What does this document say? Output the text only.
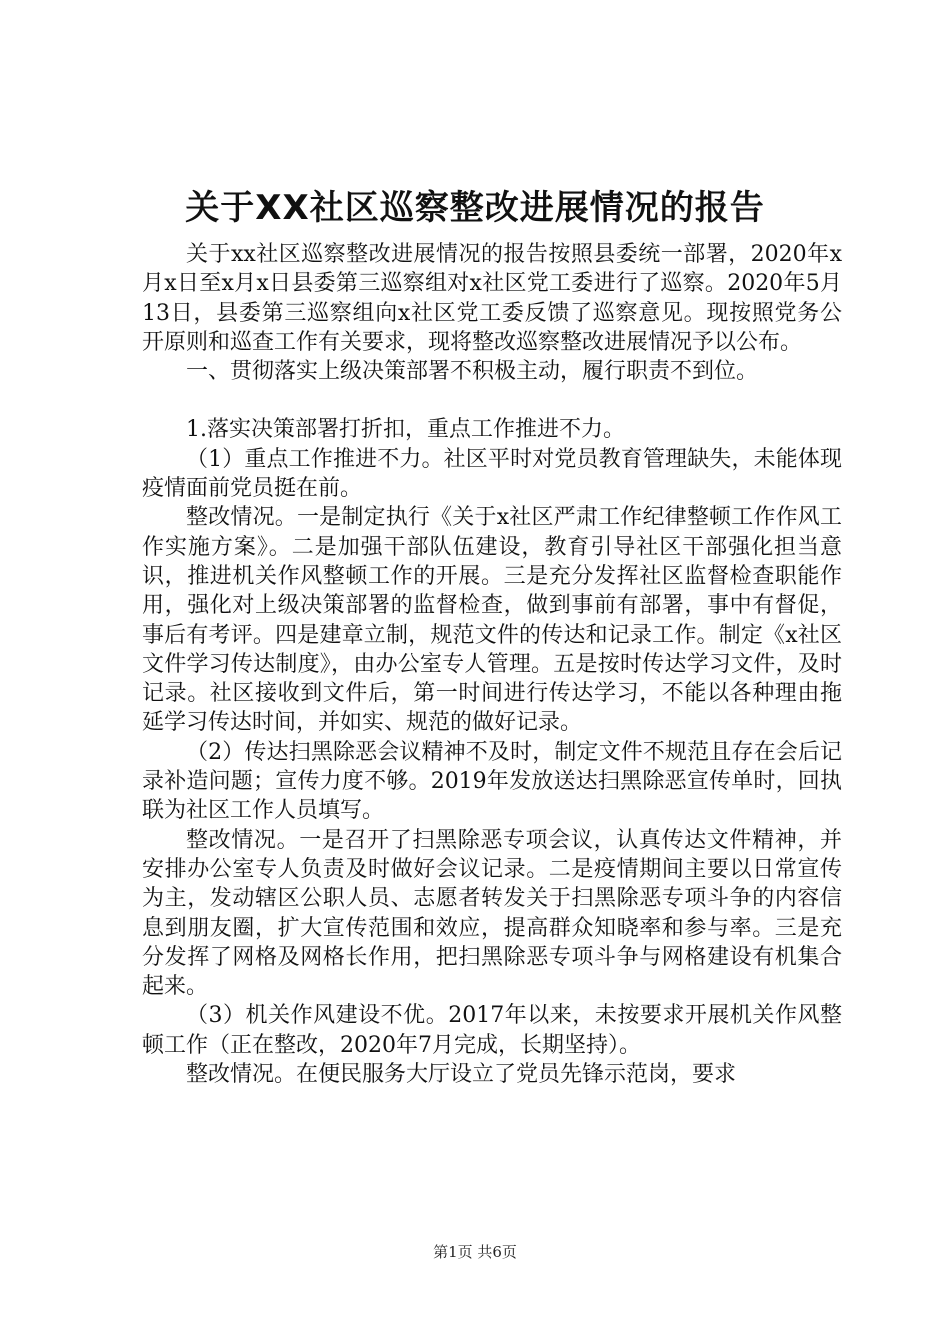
关于XX社区巡察整改进展情况的报告

关于xx社区巡察整改进展情况的报告按照县委统一部署，2020年x月x日至x月x日县委第三巡察组对x社区党工委进行了巡察。2020年5月13日，县委第三巡察组向x社区党工委反馈了巡察意见。现按照党务公开原则和巡查工作有关要求，现将整改巡察整改进展情况予以公布。

一、贯彻落实上级决策部署不积极主动，履行职责不到位。

1.落实决策部署打折扣，重点工作推进不力。

（1）重点工作推进不力。社区平时对党员教育管理缺失，未能体现疫情面前党员挺在前。

整改情况。一是制定执行《关于x社区严肃工作纪律整顿工作作风工作实施方案》。二是加强干部队伍建设，教育引导社区干部强化担当意识，推进机关作风整顿工作的开展。三是充分发挥社区监督检查职能作用，强化对上级决策部署的监督检查，做到事前有部署，事中有督促，事后有考评。四是建章立制，规范文件的传达和记录工作。制定《x社区文件学习传达制度》，由办公室专人管理。五是按时传达学习文件，及时记录。社区接收到文件后，第一时间进行传达学习，不能以各种理由拖延学习传达时间，并如实、规范的做好记录。

（2）传达扫黑除恶会议精神不及时，制定文件不规范且存在会后记录补造问题；宣传力度不够。2019年发放送达扫黑除恶宣传单时，回执联为社区工作人员填写。

整改情况。一是召开了扫黑除恶专项会议，认真传达文件精神，并安排办公室专人负责及时做好会议记录。二是疫情期间主要以日常宣传为主，发动辖区公职人员、志愿者转发关于扫黑除恶专项斗争的内容信息到朋友圈，扩大宣传范围和效应，提高群众知晓率和参与率。三是充分发挥了网格及网格长作用，把扫黑除恶专项斗争与网格建设有机集合起来。

（3）机关作风建设不优。2017年以来，未按要求开展机关作风整顿工作（正在整改，2020年7月完成，长期坚持）。

整改情况。在便民服务大厅设立了党员先锋示范岗，要求

第1页 共6页
